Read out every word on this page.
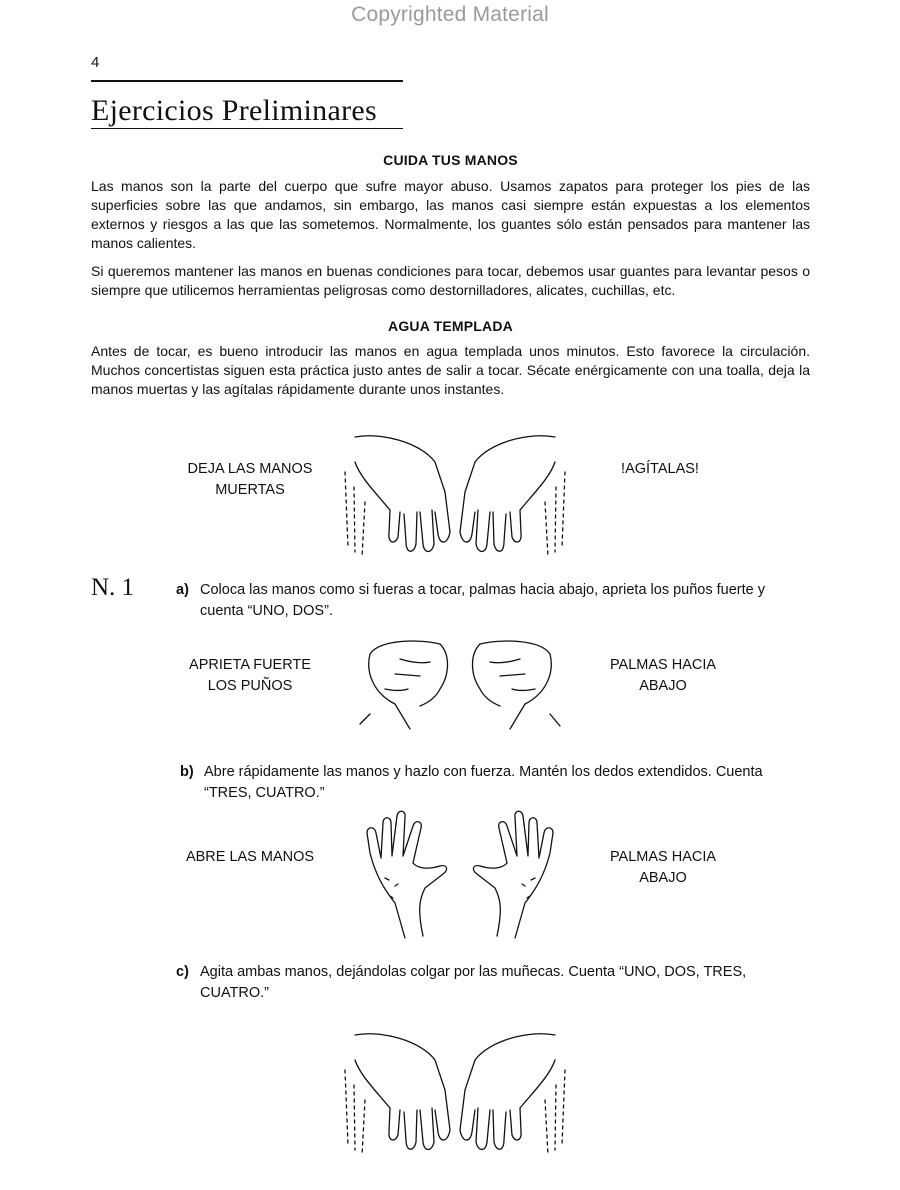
Copyrighted Material
4
Ejercicios Preliminares
CUIDA TUS MANOS

Las manos son la parte del cuerpo que sufre mayor abuso. Usamos zapatos para proteger los pies de las superficies sobre las que andamos, sin embargo, las manos casi siempre están expuestas a los elementos externos y riesgos a las que las sometemos. Normalmente, los guantes sólo están pensados para mantener las manos calientes.

Si queremos mantener las manos en buenas condiciones para tocar, debemos usar guantes para levantar pesos o siempre que utilicemos herramientas peligrosas como destornilladores, alicates, cuchillas, etc.

AGUA TEMPLADA

Antes de tocar, es bueno introducir las manos en agua templada unos minutos. Esto favorece la circulación. Muchos concertistas siguen esta práctica justo antes de salir a tocar. Sécate enérgicamente con una toalla, deja la manos muertas y las agítalas rápidamente durante unos instantes.

DEJA LAS MANOS
MUERTAS
!AGÍTALAS!
N. 1	a) Coloca las manos como si fueras a tocar, palmas hacia abajo, aprieta los puños fuerte y cuenta “UNO, DOS”.
APRIETA FUERTE
LOS PUÑOS
PALMAS HACIA
ABAJO
b) Abre rápidamente las manos y hazlo con fuerza. Mantén los dedos extendidos. Cuenta “TRES, CUATRO.”
ABRE LAS MANOS	PALMAS HACIA
ABAJO
c) Agita ambas manos, dejándolas colgar por las muñecas. Cuenta “UNO, DOS, TRES, CUATRO.”
